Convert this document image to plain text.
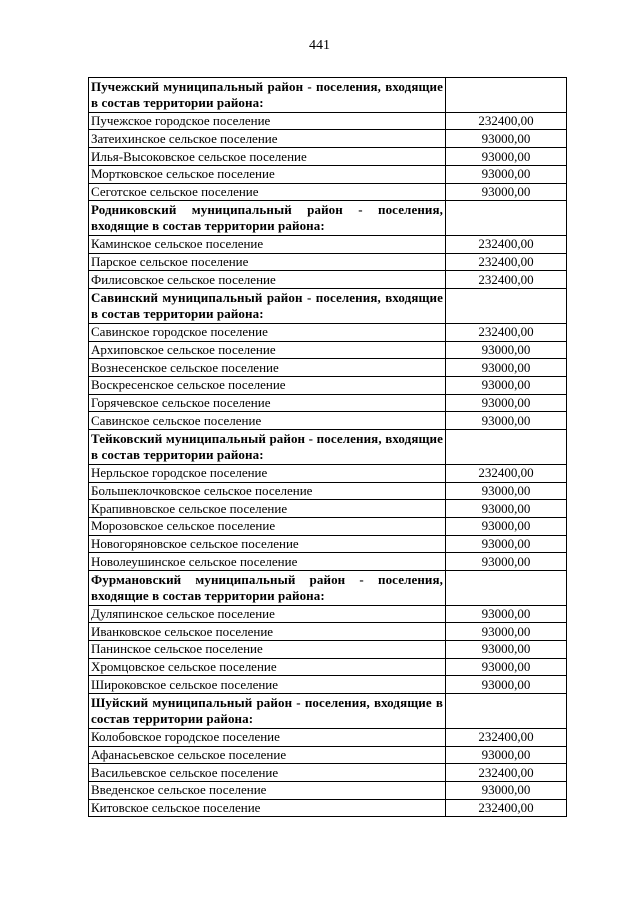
441
Пучежский муниципальный район - поселения, входящие в состав территории района:	
Пучежское городское поселение	232400,00
Затеихинское сельское поселение	93000,00
Илья-Высоковское сельское поселение	93000,00
Мортковское сельское поселение	93000,00
Сеготское сельское поселение	93000,00
Родниковский муниципальный район - поселения, входящие в состав территории района:	
Каминское сельское поселение	232400,00
Парское сельское поселение	232400,00
Филисовское сельское поселение	232400,00
Савинский муниципальный район - поселения, входящие в состав территории района:	
Савинское городское поселение	232400,00
Архиповское сельское поселение	93000,00
Вознесенское сельское поселение	93000,00
Воскресенское сельское поселение	93000,00
Горячевское сельское поселение	93000,00
Савинское сельское поселение	93000,00
Тейковский муниципальный район - поселения, входящие в состав территории района:	
Нерльское городское поселение	232400,00
Большеклочковское сельское поселение	93000,00
Крапивновское сельское поселение	93000,00
Морозовское сельское поселение	93000,00
Новогоряновское сельское поселение	93000,00
Новолеушинское сельское поселение	93000,00
Фурмановский муниципальный район - поселения, входящие в состав территории района:	
Дуляпинское сельское поселение	93000,00
Иванковское сельское поселение	93000,00
Панинское сельское поселение	93000,00
Хромцовское сельское поселение	93000,00
Широковское сельское поселение	93000,00
Шуйский муниципальный район - поселения, входящие в состав территории района:	
Колобовское городское поселение	232400,00
Афанасьевское сельское поселение	93000,00
Васильевское сельское поселение	232400,00
Введенское сельское поселение	93000,00
Китовское сельское поселение	232400,00
